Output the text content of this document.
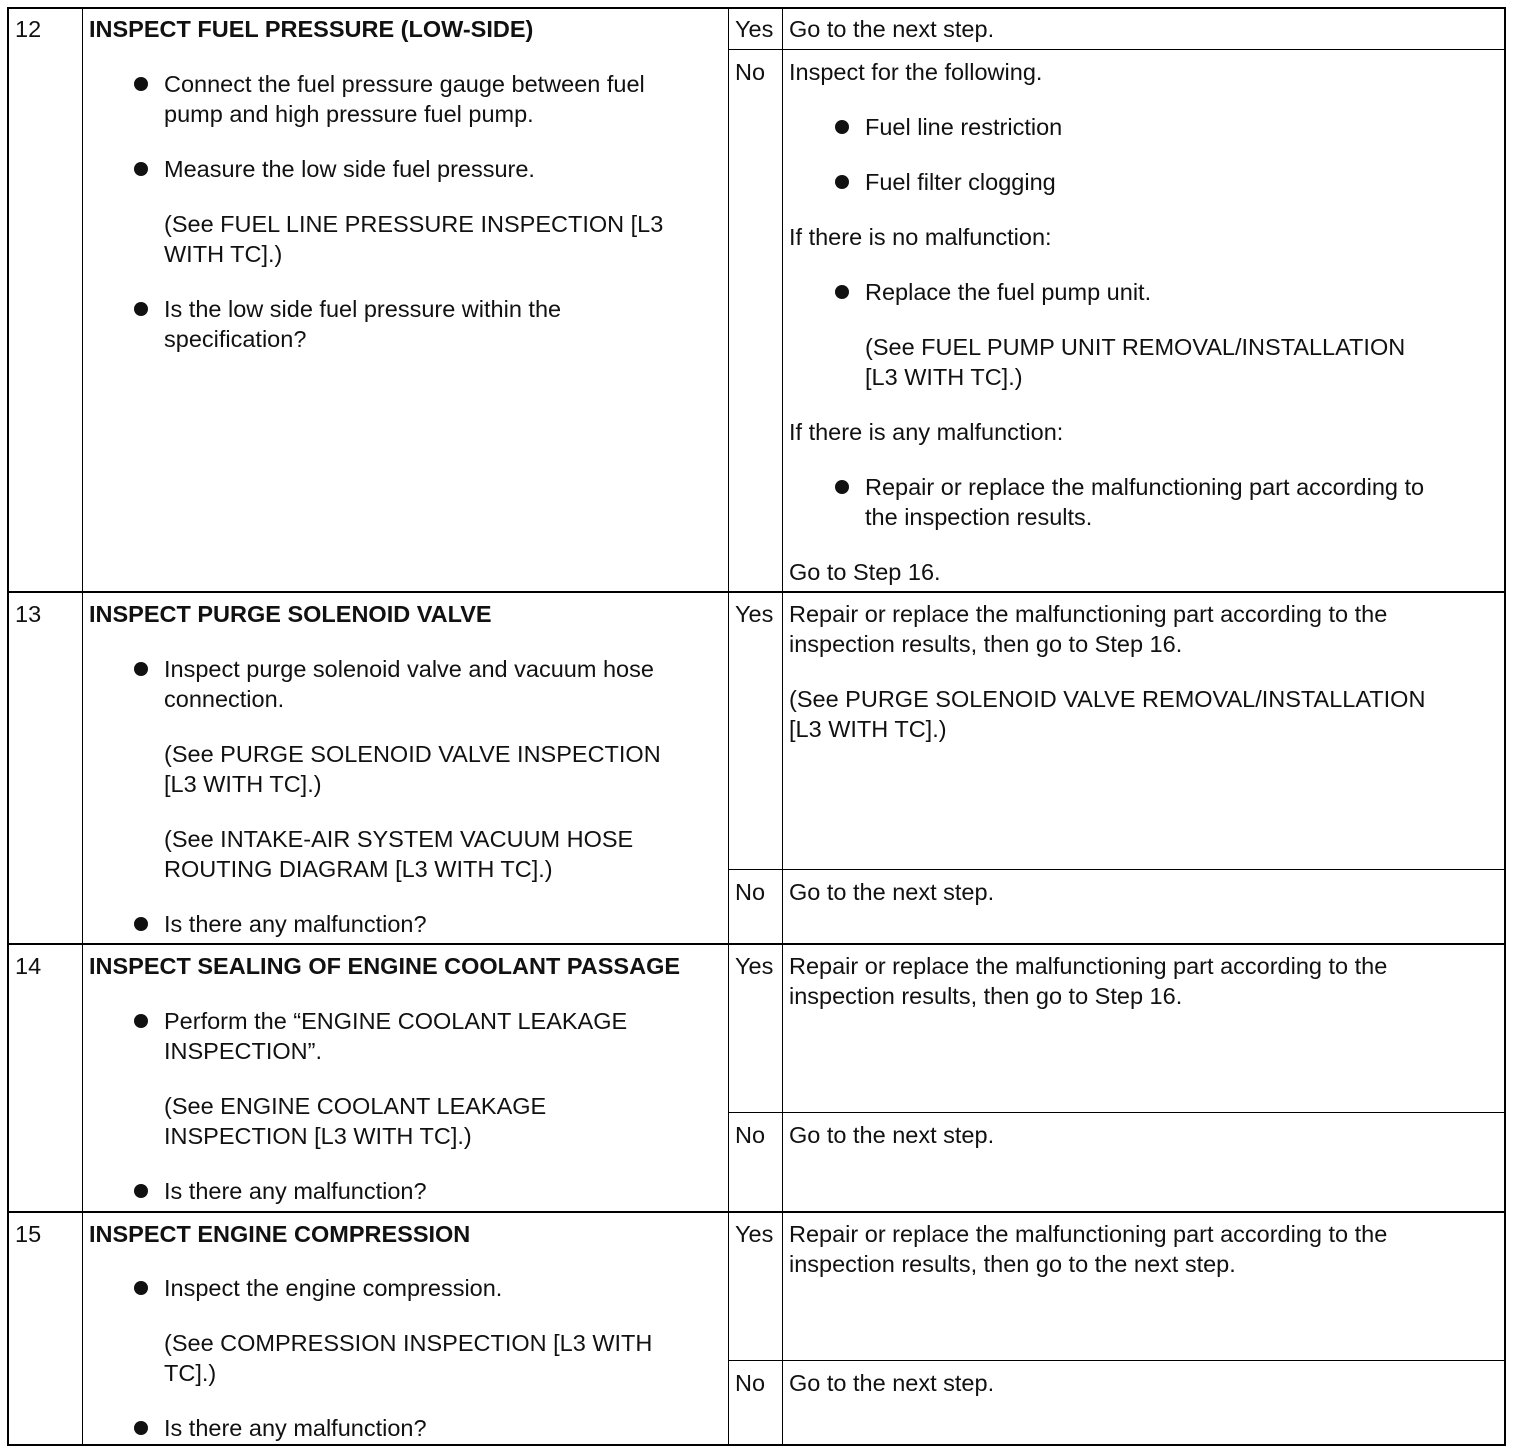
12 INSPECT FUEL PRESSURE (LOW-SIDE)
Connect the fuel pressure gauge between fuel
pump and high pressure fuel pump.
Measure the low side fuel pressure.
(See FUEL LINE PRESSURE INSPECTION [L3
WITH TC].)
Is the low side fuel pressure within the
specification?
Yes Go to the next step.
No Inspect for the following.
Fuel line restriction
Fuel filter clogging
If there is no malfunction:
Replace the fuel pump unit.
(See FUEL PUMP UNIT REMOVAL/INSTALLATION
[L3 WITH TC].)
If there is any malfunction:
Repair or replace the malfunctioning part according to
the inspection results.
Go to Step 16.
13 INSPECT PURGE SOLENOID VALVE
Inspect purge solenoid valve and vacuum hose
connection.
(See PURGE SOLENOID VALVE INSPECTION
[L3 WITH TC].)
(See INTAKE-AIR SYSTEM VACUUM HOSE
ROUTING DIAGRAM [L3 WITH TC].)
Is there any malfunction?
Yes Repair or replace the malfunctioning part according to the
inspection results, then go to Step 16.
(See PURGE SOLENOID VALVE REMOVAL/INSTALLATION
[L3 WITH TC].)
No Go to the next step.
14 INSPECT SEALING OF ENGINE COOLANT PASSAGE
Perform the “ENGINE COOLANT LEAKAGE
INSPECTION”.
(See ENGINE COOLANT LEAKAGE
INSPECTION [L3 WITH TC].)
Is there any malfunction?
Yes Repair or replace the malfunctioning part according to the
inspection results, then go to Step 16.
No Go to the next step.
15 INSPECT ENGINE COMPRESSION
Inspect the engine compression.
(See COMPRESSION INSPECTION [L3 WITH
TC].)
Is there any malfunction?
Yes Repair or replace the malfunctioning part according to the
inspection results, then go to the next step.
No Go to the next step.
